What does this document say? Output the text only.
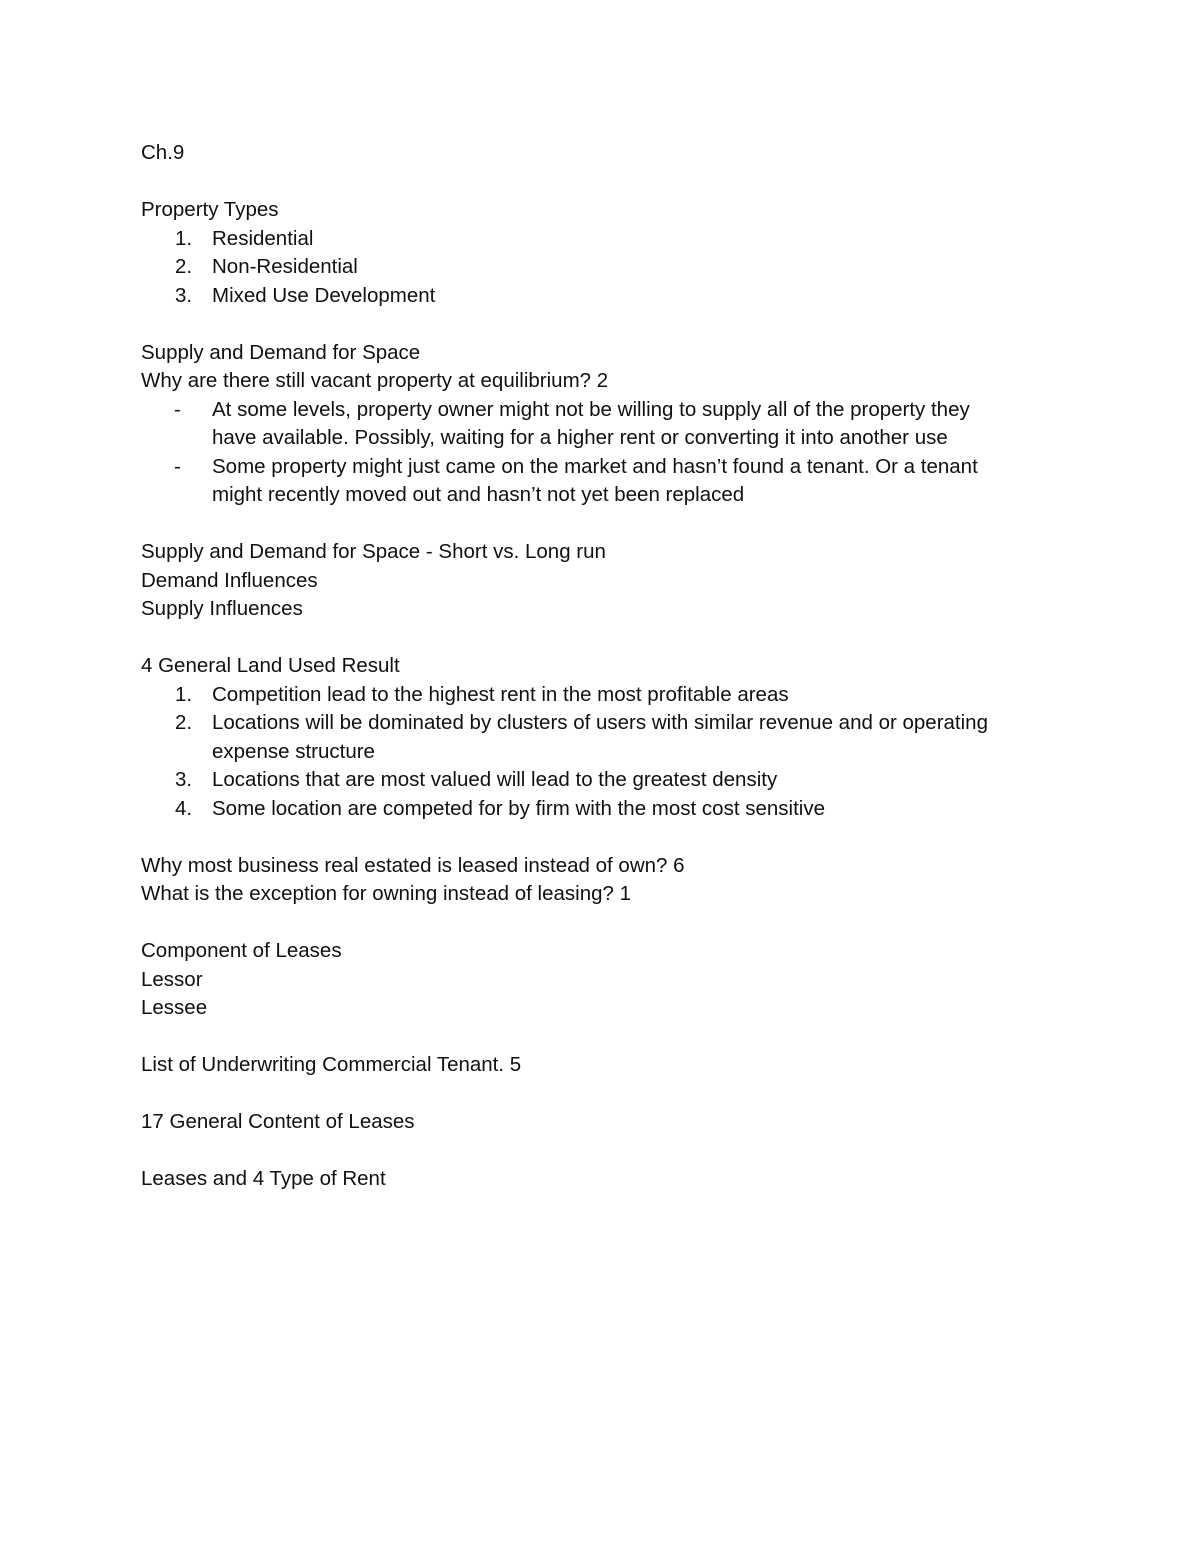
Ch.9

Property Types

1. Residential
2. Non-Residential
3. Mixed Use Development

Supply and Demand for Space

Why are there still vacant property at equilibrium? 2

-	At some levels, property owner might not be willing to supply all of the property they
have available. Possibly, waiting for a higher rent or converting it into another use
-	Some property might just came on the market and hasn’t found a tenant. Or a tenant
might recently moved out and hasn’t not yet been replaced

Supply and Demand for Space - Short vs. Long run

Demand Influences

Supply Influences

4 General Land Used Result

1. Competition lead to the highest rent in the most profitable areas
2. Locations will be dominated by clusters of users with similar revenue and or operating
expense structure
3. Locations that are most valued will lead to the greatest density
4. Some location are competed for by firm with the most cost sensitive

Why most business real estated is leased instead of own? 6

What is the exception for owning instead of leasing? 1

Component of Leases

Lessor

Lessee

List of Underwriting Commercial Tenant. 5

17 General Content of Leases

Leases and 4 Type of Rent
